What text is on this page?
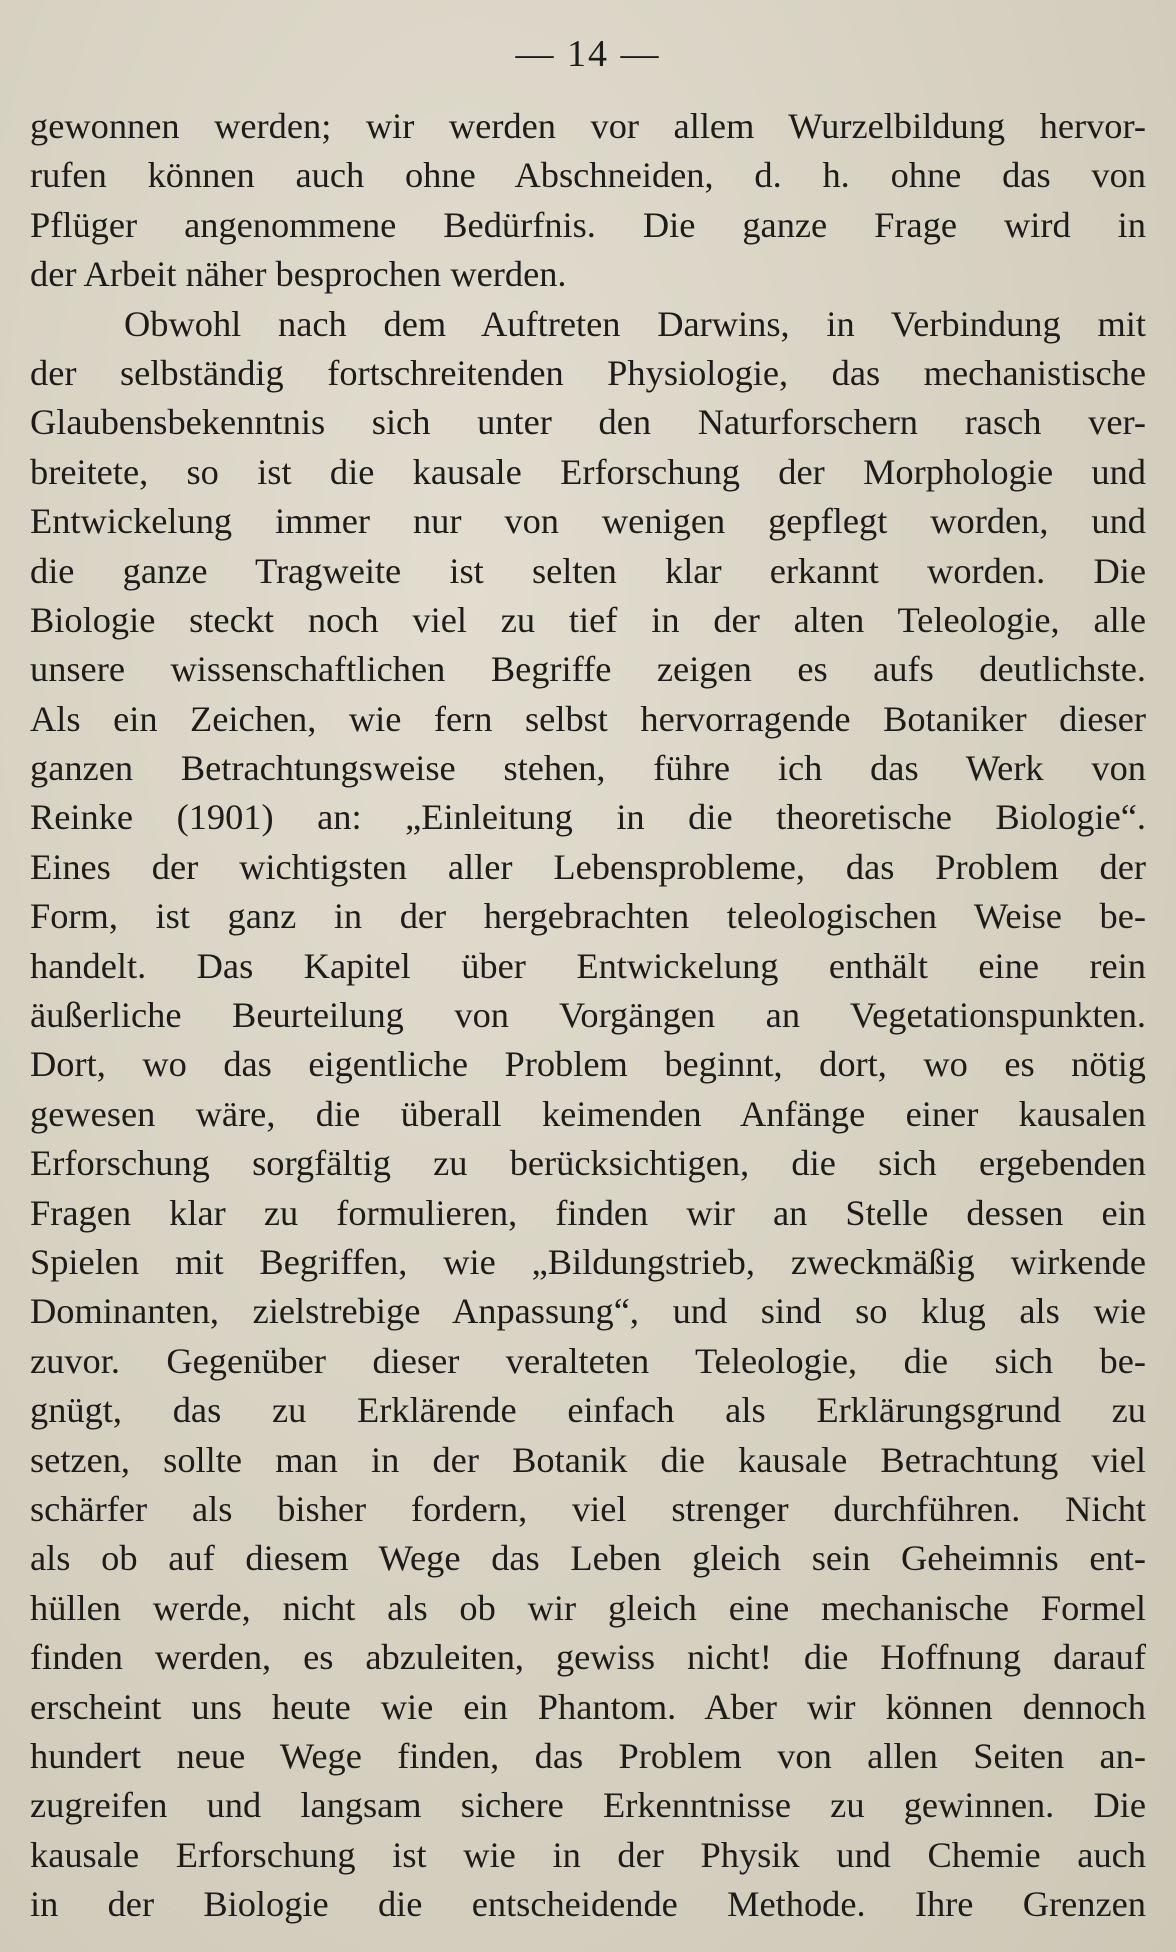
— 14 —
gewonnen werden; wir werden vor allem Wurzelbildung hervor-
rufen können auch ohne Abschneiden, d. h. ohne das von
Pflüger angenommene Bedürfnis. Die ganze Frage wird in
der Arbeit näher besprochen werden.
Obwohl nach dem Auftreten Darwins, in Verbindung mit
der selbständig fortschreitenden Physiologie, das mechanistische
Glaubensbekenntnis sich unter den Naturforschern rasch ver-
breitete, so ist die kausale Erforschung der Morphologie und
Entwickelung immer nur von wenigen gepflegt worden, und
die ganze Tragweite ist selten klar erkannt worden. Die
Biologie steckt noch viel zu tief in der alten Teleologie, alle
unsere wissenschaftlichen Begriffe zeigen es aufs deutlichste.
Als ein Zeichen, wie fern selbst hervorragende Botaniker dieser
ganzen Betrachtungsweise stehen, führe ich das Werk von
Reinke (1901) an: „Einleitung in die theoretische Biologie“.
Eines der wichtigsten aller Lebensprobleme, das Problem der
Form, ist ganz in der hergebrachten teleologischen Weise be-
handelt. Das Kapitel über Entwickelung enthält eine rein
äußerliche Beurteilung von Vorgängen an Vegetationspunkten.
Dort, wo das eigentliche Problem beginnt, dort, wo es nötig
gewesen wäre, die überall keimenden Anfänge einer kausalen
Erforschung sorgfältig zu berücksichtigen, die sich ergebenden
Fragen klar zu formulieren, finden wir an Stelle dessen ein
Spielen mit Begriffen, wie „Bildungstrieb, zweckmäßig wirkende
Dominanten, zielstrebige Anpassung“, und sind so klug als wie
zuvor. Gegenüber dieser veralteten Teleologie, die sich be-
gnügt, das zu Erklärende einfach als Erklärungsgrund zu
setzen, sollte man in der Botanik die kausale Betrachtung viel
schärfer als bisher fordern, viel strenger durchführen. Nicht
als ob auf diesem Wege das Leben gleich sein Geheimnis ent-
hüllen werde, nicht als ob wir gleich eine mechanische Formel
finden werden, es abzuleiten, gewiss nicht! die Hoffnung darauf
erscheint uns heute wie ein Phantom. Aber wir können dennoch
hundert neue Wege finden, das Problem von allen Seiten an-
zugreifen und langsam sichere Erkenntnisse zu gewinnen. Die
kausale Erforschung ist wie in der Physik und Chemie auch
in der Biologie die entscheidende Methode. Ihre Grenzen
